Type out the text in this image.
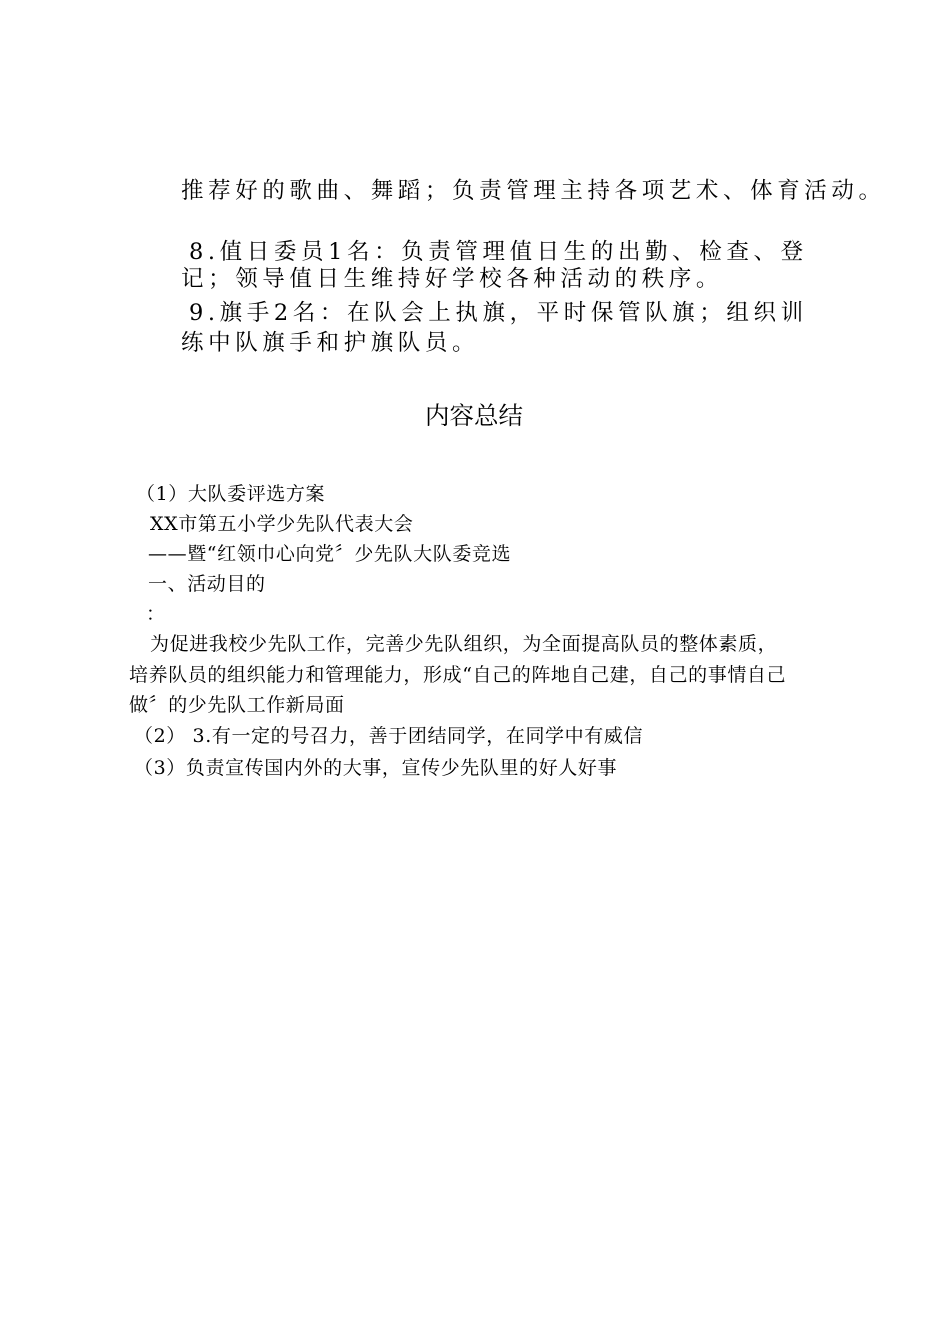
推荐好的歌曲、舞蹈；负责管理主持各项艺术、体育活动。
8.值日委员1名：负责管理值日生的出勤、检查、登
记；领导值日生维持好学校各种活动的秩序。
9.旗手2名：在队会上执旗，平时保管队旗；组织训
练中队旗手和护旗队员。
内容总结
（1）大队委评选方案
XX市第五小学少先队代表大会
——暨“红领巾心向党〞少先队大队委竞选
一、活动目的
：
为促进我校少先队工作，完善少先队组织，为全面提高队员的整体素质，
培养队员的组织能力和管理能力，形成“自己的阵地自己建，自己的事情自己
做〞的少先队工作新局面
（2） 3.有一定的号召力，善于团结同学，在同学中有威信
（3）负责宣传国内外的大事，宣传少先队里的好人好事
